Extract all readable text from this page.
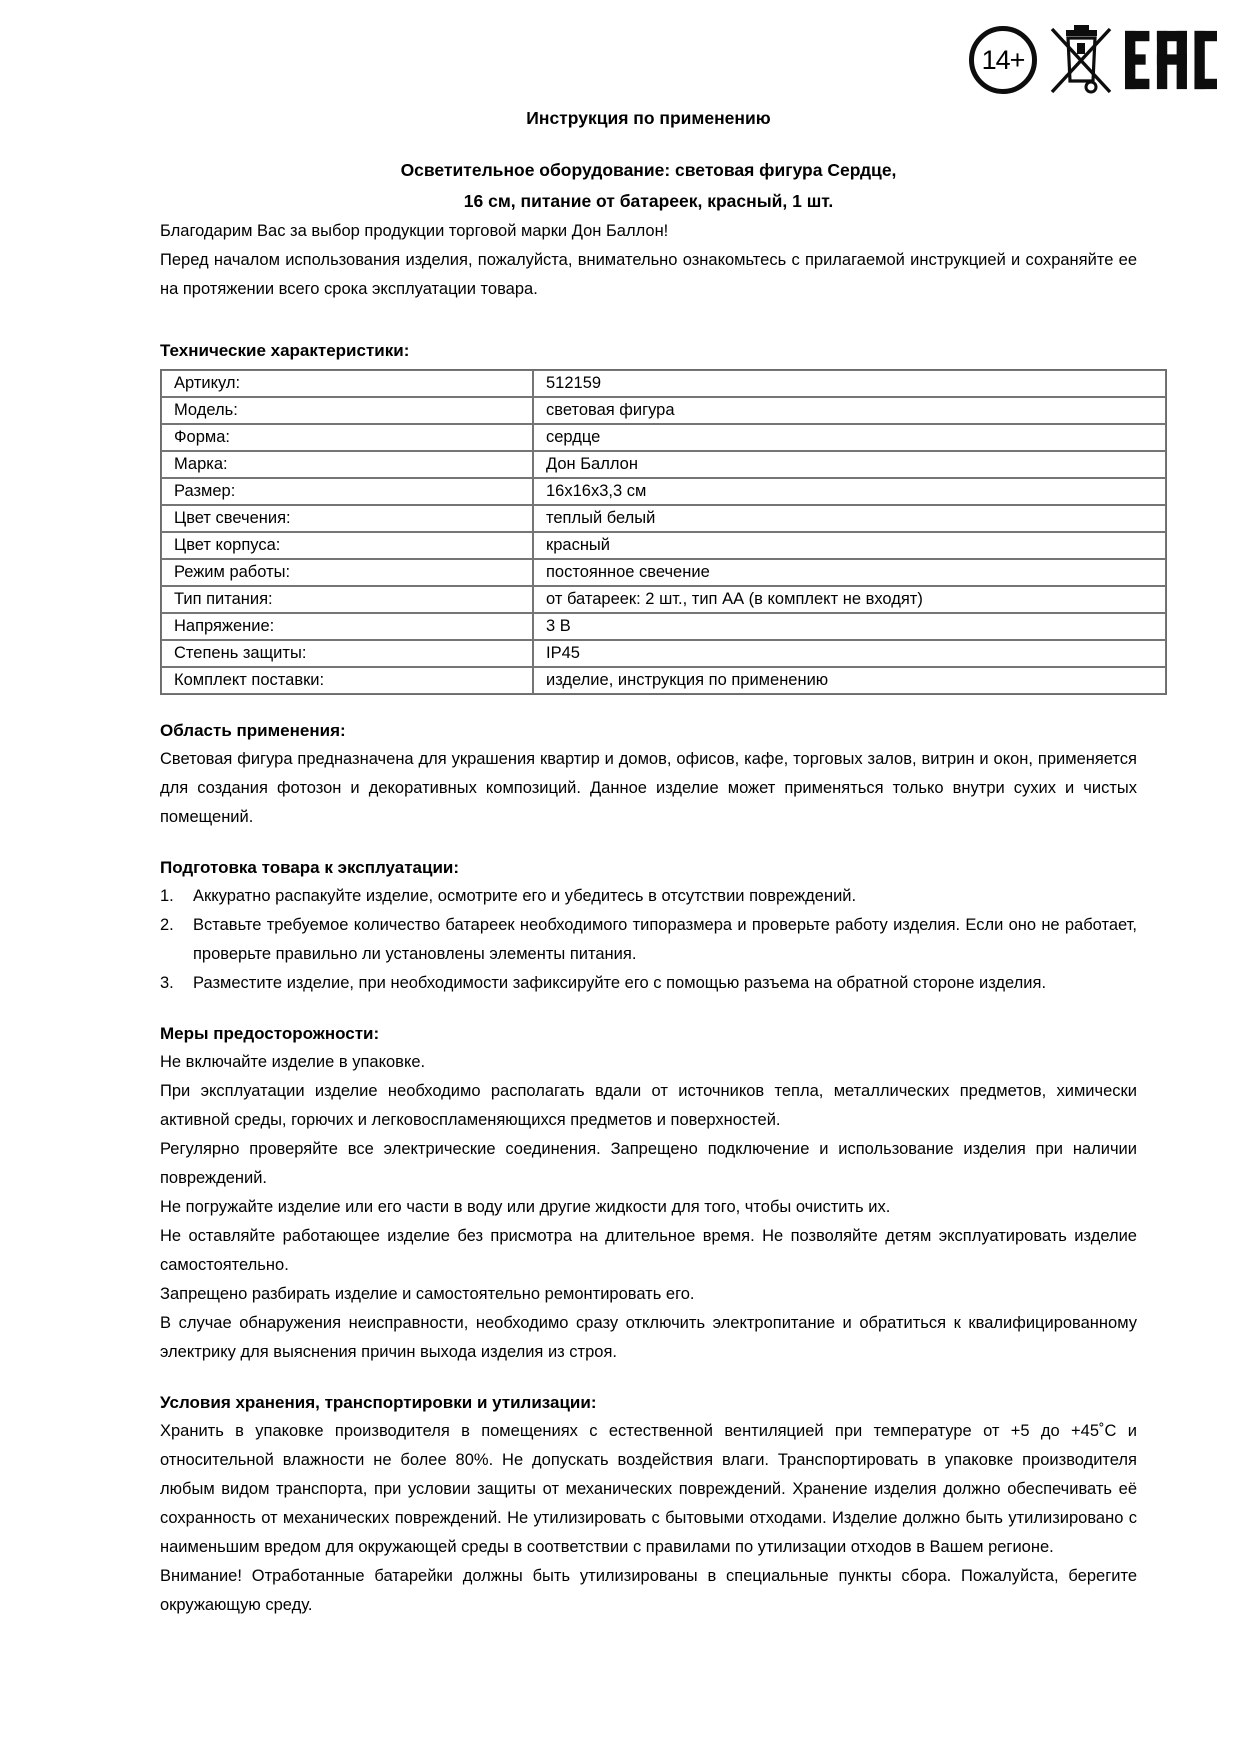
14+
Инструкция по применению
Осветительное оборудование: световая фигура Сердце,
16 см, питание от батареек, красный, 1 шт.

Благодарим Вас за выбор продукции торговой марки Дон Баллон!

Перед началом использования изделия, пожалуйста, внимательно ознакомьтесь с прилагаемой инструкцией и сохраняйте ее на протяжении всего срока эксплуатации товара.

Технические характеристики:

Артикул:	512159
Модель:	световая фигура
Форма:	сердце
Марка:	Дон Баллон
Размер:	16х16х3,3 см
Цвет свечения:	теплый белый
Цвет корпуса:	красный
Режим работы:	постоянное свечение
Тип питания:	от батареек: 2 шт., тип АА (в комплект не входят)
Напряжение:	3 В
Степень защиты:	IP45
Комплект поставки:	изделие, инструкция по применению

Область применения:

Световая фигура предназначена для украшения квартир и домов, офисов, кафе, торговых залов, витрин и окон, применяется для создания фотозон и декоративных композиций. Данное изделие может применяться только внутри сухих и чистых помещений.

Подготовка товара к эксплуатации:

1.	Аккуратно распакуйте изделие, осмотрите его и убедитесь в отсутствии повреждений.
2.	Вставьте требуемое количество батареек необходимого типоразмера и проверьте работу изделия. Если оно не работает, проверьте правильно ли установлены элементы питания.
3.	Разместите изделие, при необходимости зафиксируйте его с помощью разъема на обратной стороне изделия.

Меры предосторожности:

Не включайте изделие в упаковке.

При эксплуатации изделие необходимо располагать вдали от источников тепла, металлических предметов, химически активной среды, горючих и легковоспламеняющихся предметов и поверхностей.

Регулярно проверяйте все электрические соединения. Запрещено подключение и использование изделия при наличии повреждений.

Не погружайте изделие или его части в воду или другие жидкости для того, чтобы очистить их.

Не оставляйте работающее изделие без присмотра на длительное время. Не позволяйте детям эксплуатировать изделие самостоятельно.

Запрещено разбирать изделие и самостоятельно ремонтировать его.

В случае обнаружения неисправности, необходимо сразу отключить электропитание и обратиться к квалифицированному электрику для выяснения причин выхода изделия из строя.

Условия хранения, транспортировки и утилизации:

Хранить в упаковке производителя в помещениях с естественной вентиляцией при температуре от +5 до +45˚С и относительной влажности не более 80%. Не допускать воздействия влаги. Транспортировать в упаковке производителя любым видом транспорта, при условии защиты от механических повреждений. Хранение изделия должно обеспечивать её сохранность от механических повреждений. Не утилизировать с бытовыми отходами. Изделие должно быть утилизировано с наименьшим вредом для окружающей среды в соответствии с правилами по утилизации отходов в Вашем регионе.

Внимание! Отработанные батарейки должны быть утилизированы в специальные пункты сбора. Пожалуйста, берегите окружающую среду.
